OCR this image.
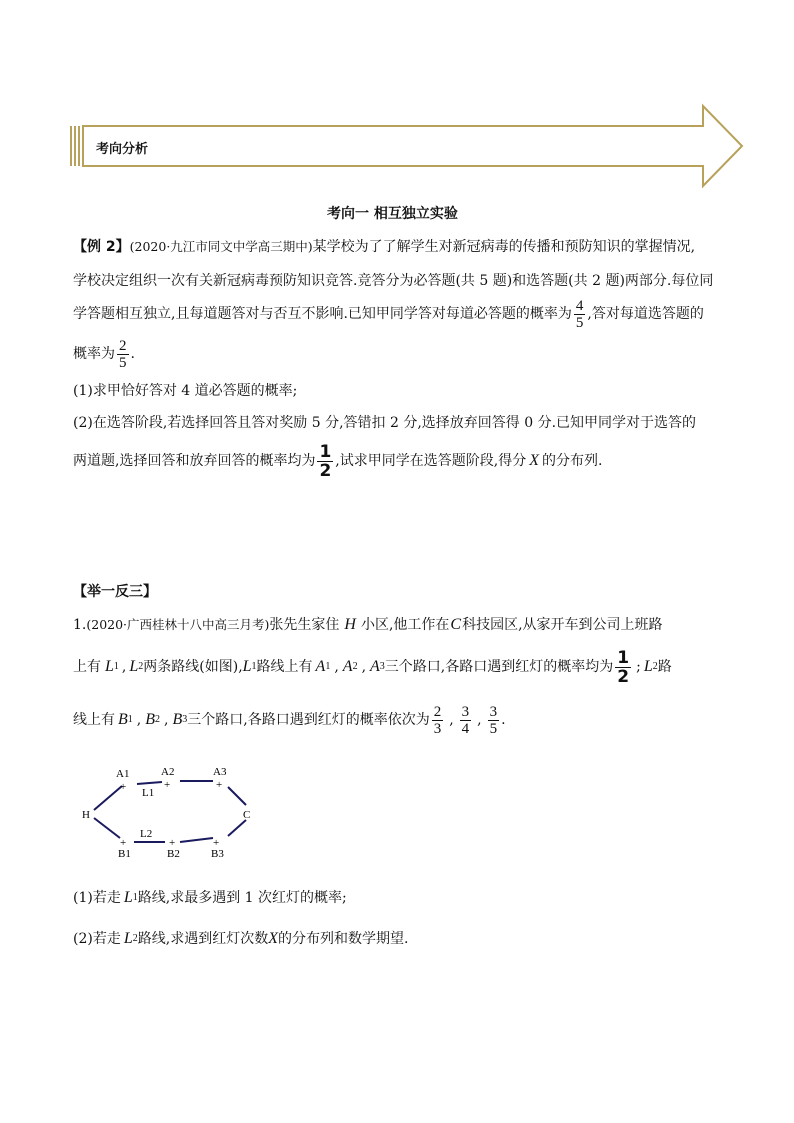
考向分析
考向一 相互独立实验
【例 2】(2020·九江市同文中学高三期中)某学校为了了解学生对新冠病毒的传播和预防知识的掌握情况,
学校决定组织一次有关新冠病毒预防知识竞答.竞答分为必答题(共 5 题)和选答题(共 2 题)两部分.每位同
学答题相互独立,且每道题答对与否互不影响.已知甲同学答对每道必答题的概率为 $\frac{4}{5}$ ,答对每道选答题的
概率为 $\frac{2}{5}$ .
(1)求甲恰好答对 4 道必答题的概率;
(2)在选答阶段,若选择回答且答对奖励 5 分,答错扣 2 分,选择放弃回答得 0 分.已知甲同学对于选答的
两道题,选择回答和放弃回答的概率均为 $\frac{1}{2}$ ,试求甲同学在选答题阶段,得分 X 的分布列.
【举一反三】
1. (2020·广西桂林十八中高三月考) 张先生家住 H 小区,他工作在 C 科技园区,从家开车到公司上班路
上有 L 1 , L 2 两条路线(如图), L 1 路线上有 A 1 , A 2 , A 3 三个路口,各路口遇到红灯的概率均为 $\frac{1}{2}$ ; L 2 路
线上有 B 1 , B 2 , B 3 三个路口,各路口遇到红灯的概率依次为 $\frac{2}{3}$ , $\frac{3}{4}$ , $\frac{3}{5}$ .
H	C
A1
+
A2
+
A3
+
L1
+
B1
+
B2
+
B3
L2
(1)若走 L 1 路线,求最多遇到 1 次红灯的概率;
(2)若走 L 2 路线,求遇到红灯次数 X 的分布列和数学期望.
